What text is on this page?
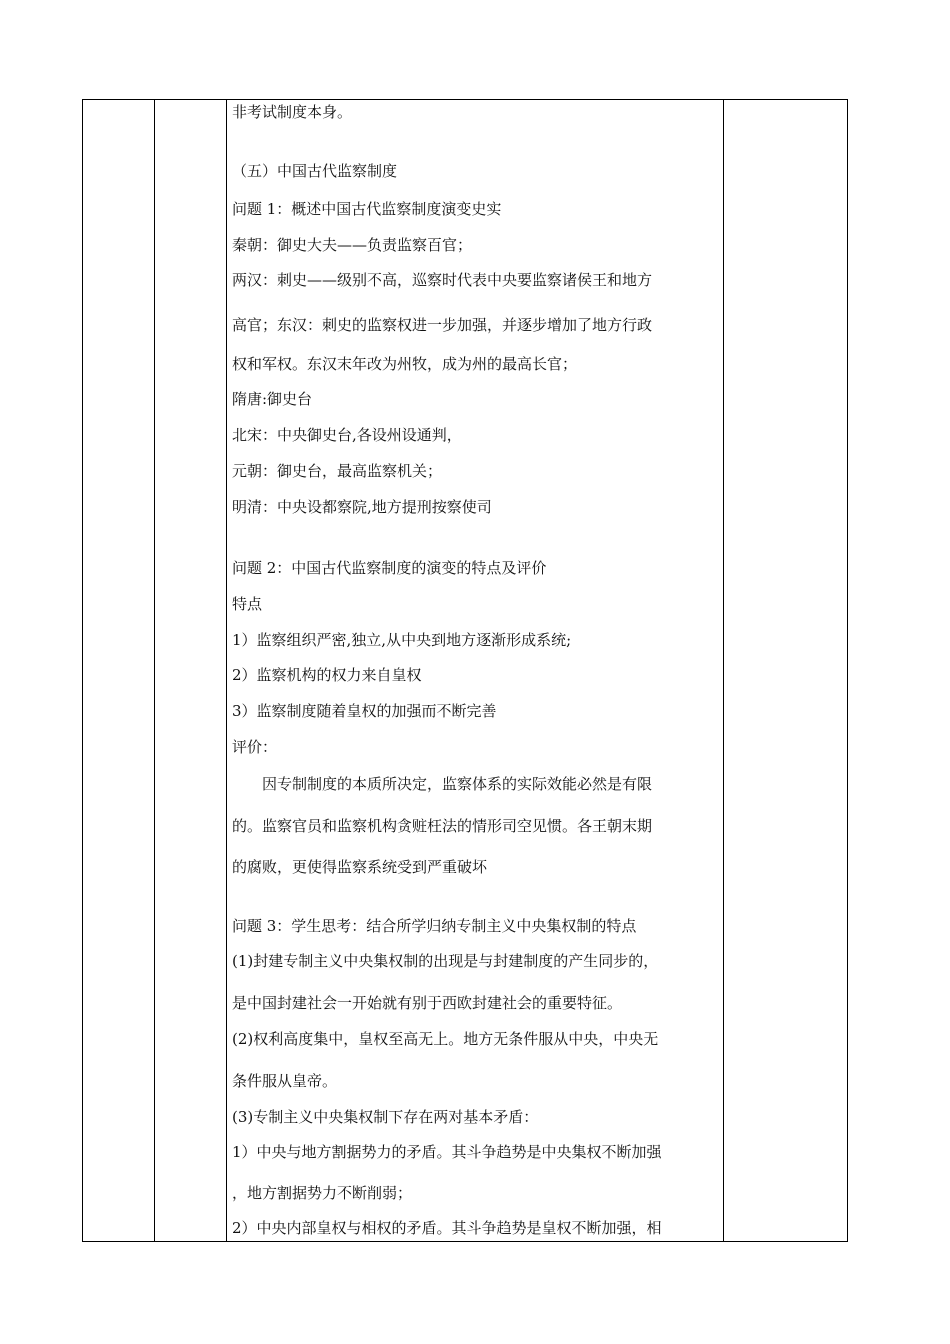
非考试制度本身。
（五）中国古代监察制度
问题 1：概述中国古代监察制度演变史实
秦朝：御史大夫——负责监察百官；
两汉：刺史——级别不高，巡察时代表中央要监察诸侯王和地方
高官；东汉：刺史的监察权进一步加强，并逐步增加了地方行政
权和军权。东汉末年改为州牧，成为州的最高长官；
隋唐:御史台
北宋：中央御史台,各设州设通判，
元朝：御史台，最高监察机关；
明清：中央设都察院,地方提刑按察使司
问题 2：中国古代监察制度的演变的特点及评价
特点
1）监察组织严密,独立,从中央到地方逐渐形成系统;
2）监察机构的权力来自皇权
3）监察制度随着皇权的加强而不断完善
评价：
因专制制度的本质所决定，监察体系的实际效能必然是有限
的。监察官员和监察机构贪赃枉法的情形司空见惯。各王朝末期
的腐败，更使得监察系统受到严重破坏
问题 3：学生思考：结合所学归纳专制主义中央集权制的特点
(1)封建专制主义中央集权制的出现是与封建制度的产生同步的，
是中国封建社会一开始就有别于西欧封建社会的重要特征。
(2)权利高度集中，皇权至高无上。地方无条件服从中央，中央无
条件服从皇帝。
(3)专制主义中央集权制下存在两对基本矛盾：
1）中央与地方割据势力的矛盾。其斗争趋势是中央集权不断加强
，地方割据势力不断削弱；
2）中央内部皇权与相权的矛盾。其斗争趋势是皇权不断加强，相
